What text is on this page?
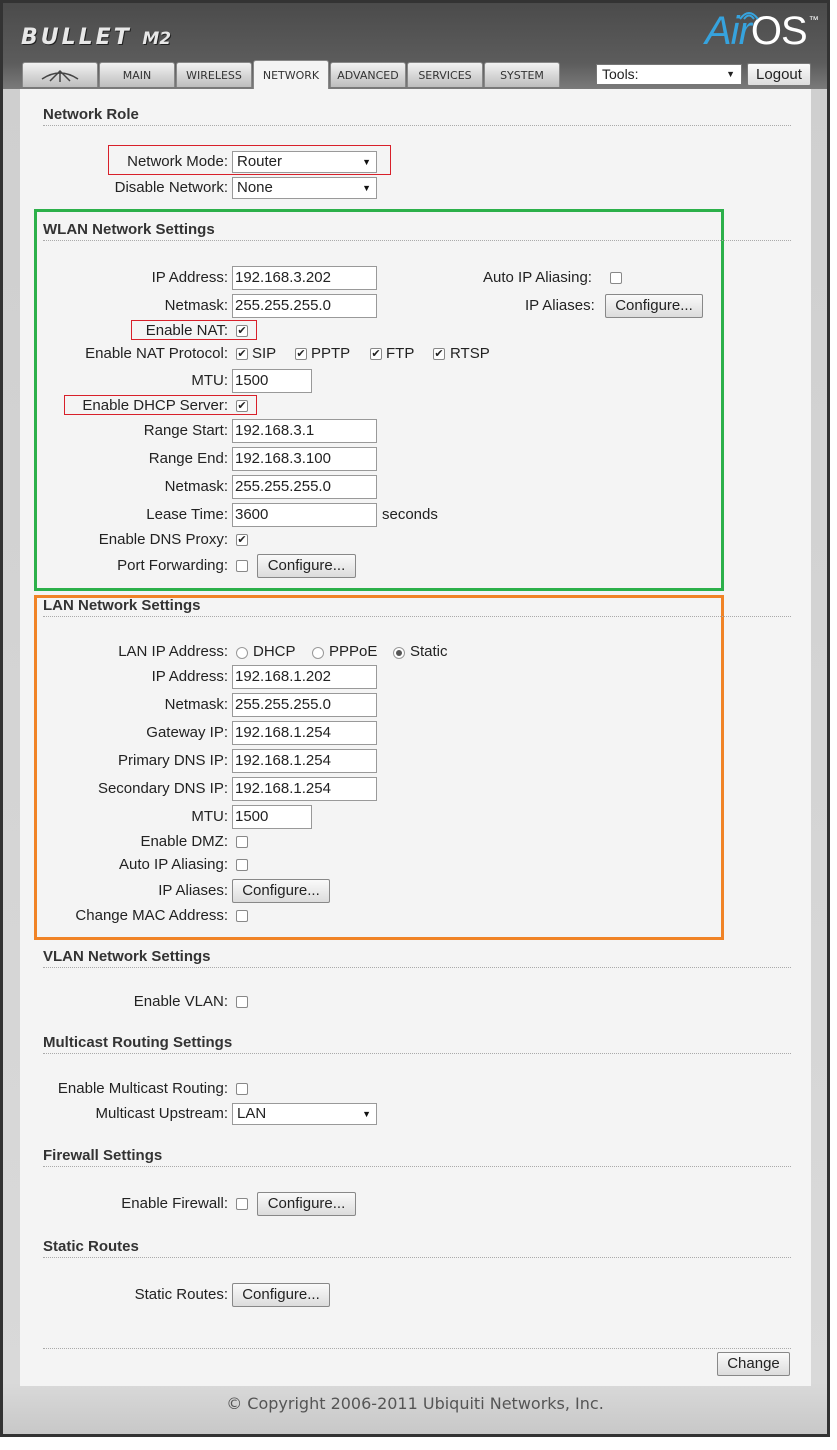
BULLET M2	AirOS ™
MAIN	WIRELESS	NETWORK	ADVANCED	SERVICES	SYSTEM	Tools:	▼	Logout
Network Role
Network Mode: Router	▼
Disable Network: None	▼
WLAN Network Settings
IP Address: 192.168.3.202	Auto IP Aliasing:
Netmask: 255.255.255.0	IP Aliases:	Configure...
Enable NAT: ✔
Enable NAT Protocol: ✔ SIP ✔ PPTP ✔ FTP ✔ RTSP
MTU: 1500
Enable DHCP Server: ✔
Range Start: 192.168.3.1
Range End: 192.168.3.100
Netmask: 255.255.255.0
Lease Time: 3600	seconds
Enable DNS Proxy: ✔
Port Forwarding:	Configure...
LAN Network Settings
LAN IP Address: DHCP PPPoE Static
IP Address: 192.168.1.202
Netmask: 255.255.255.0
Gateway IP: 192.168.1.254
Primary DNS IP: 192.168.1.254
Secondary DNS IP: 192.168.1.254
MTU: 1500
Enable DMZ:
Auto IP Aliasing:
IP Aliases: Configure...
Change MAC Address:
VLAN Network Settings
Enable VLAN:
Multicast Routing Settings
Enable Multicast Routing:
Multicast Upstream: LAN	▼
Firewall Settings
Enable Firewall:	Configure...
Static Routes
Static Routes: Configure...
Change
© Copyright 2006-2011 Ubiquiti Networks, Inc.
